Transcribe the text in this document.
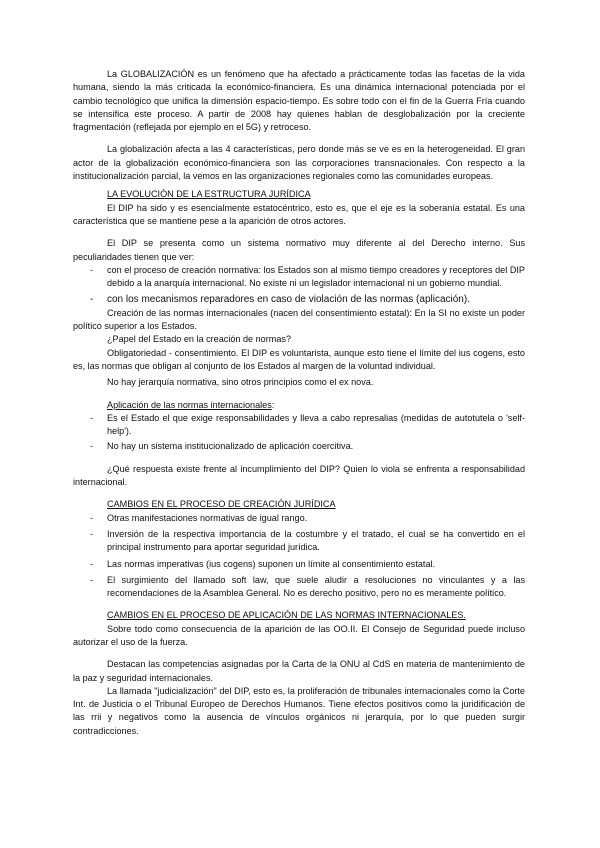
La GLOBALIZACIÓN es un fenómeno que ha afectado a prácticamente todas las facetas de la vida humana, siendo la más criticada la económico-financiera. Es una dinámica internacional potenciada por el cambio tecnológico que unifica la dimensión espacio-tiempo. Es sobre todo con el fin de la Guerra Fría cuando se intensifica este proceso. A partir de 2008 hay quienes hablan de desglobalización por la creciente fragmentación (reflejada por ejemplo en el 5G) y retroceso.

La globalización afecta a las 4 características, pero donde más se ve es en la heterogeneidad. El gran actor de la globalización económico-financiera son las corporaciones transnacionales. Con respecto a la institucionalización parcial, la vemos en las organizaciones regionales como las comunidades europeas.

LA EVOLUCIÓN DE LA ESTRUCTURA JURÍDICA

El DIP ha sido y es esencialmente estatocéntrico, esto es, que el eje es la soberanía estatal. Es una característica que se mantiene pese a la aparición de otros actores.

El DIP se presenta como un sistema normativo muy diferente al del Derecho interno. Sus peculiaridades tienen que ver:

- con el proceso de creación normativa: los Estados son al mismo tiempo creadores y receptores del DIP debido a la anarquía internacional. No existe ni un legislador internacional ni un gobierno mundial.
- con los mecanismos reparadores en caso de violación de las normas (aplicación).

Creación de las normas internacionales (nacen del consentimiento estatal): En la SI no existe un poder político superior a los Estados.

¿Papel del Estado en la creación de normas?

Obligatoriedad - consentimiento. El DIP es voluntarista, aunque esto tiene el límite del ius cogens, esto es, las normas que obligan al conjunto de los Estados al margen de la voluntad individual.

No hay jerarquía normativa, sino otros principios como el ex nova.

Aplicación de las normas internacionales:

- Es el Estado el que exige responsabilidades y lleva a cabo represalias (medidas de autotutela o 'self-help').
- No hay un sistema institucionalizado de aplicación coercitiva.

¿Qué respuesta existe frente al incumplimiento del DIP? Quien lo viola se enfrenta a responsabilidad internacional.

CAMBIOS EN EL PROCESO DE CREACIÓN JURÍDICA

- Otras manifestaciones normativas de igual rango.
- Inversión de la respectiva importancia de la costumbre y el tratado, el cual se ha convertido en el principal instrumento para aportar seguridad jurídica.
- Las normas imperativas (ius cogens) suponen un límite al consentimiento estatal.
- El surgimiento del llamado soft law, que suele aludir a resoluciones no vinculantes y a las recomendaciones de la Asamblea General. No es derecho positivo, pero no es meramente político.

CAMBIOS EN EL PROCESO DE APLICACIÓN DE LAS NORMAS INTERNACIONALES.

Sobre todo como consecuencia de la aparición de las OO.II. El Consejo de Seguridad puede incluso autorizar el uso de la fuerza.

Destacan las competencias asignadas por la Carta de la ONU al CdS en materia de mantenimiento de la paz y seguridad internacionales.

La llamada "judicialización" del DIP, esto es, la proliferación de tribunales internacionales como la Corte Int. de Justicia o el Tribunal Europeo de Derechos Humanos. Tiene efectos positivos como la juridificación de las rrii y negativos como la ausencia de vínculos orgánicos ni jerarquía, por lo que pueden surgir contradicciones.
